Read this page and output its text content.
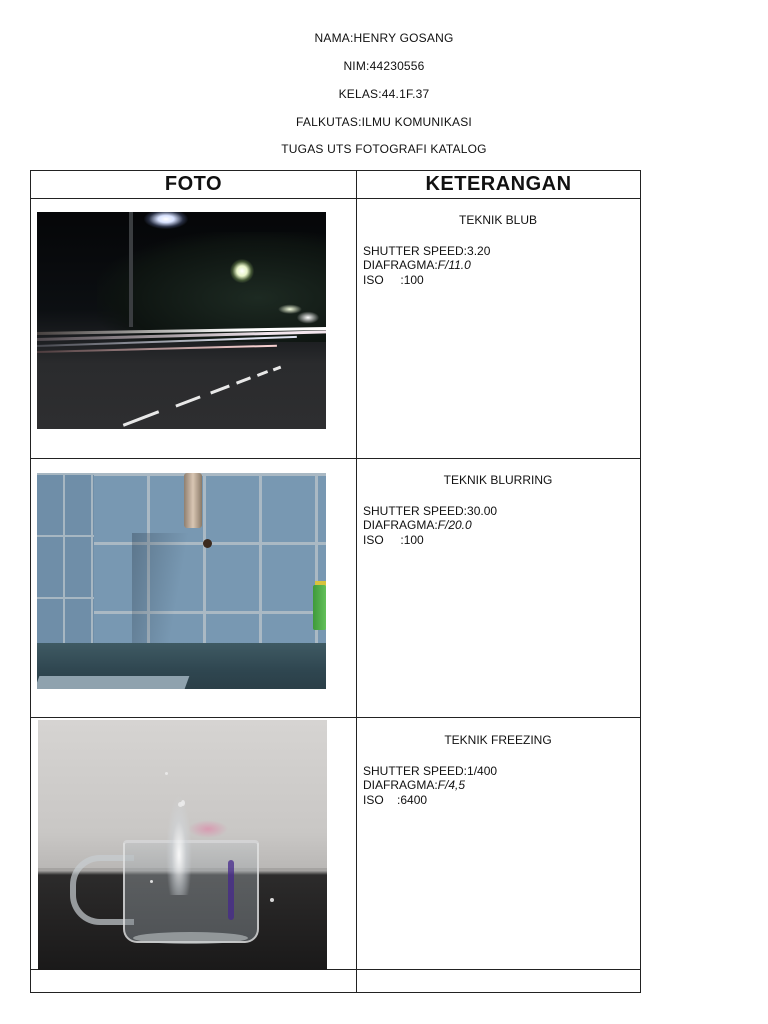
NAMA:HENRY GOSANG
NIM:44230556
KELAS:44.1F.37
FALKUTAS:ILMU KOMUNIKASI
TUGAS UTS FOTOGRAFI KATALOG
FOTO	KETERANGAN
TEKNIK BLUB
SHUTTER SPEED:3.20
DIAFRAGMA:F/11.0
ISO     :100
TEKNIK BLURRING
SHUTTER SPEED:30.00
DIAFRAGMA:F/20.0
ISO     :100
TEKNIK FREEZING
SHUTTER SPEED:1/400
DIAFRAGMA:F/4,5
ISO    :6400
